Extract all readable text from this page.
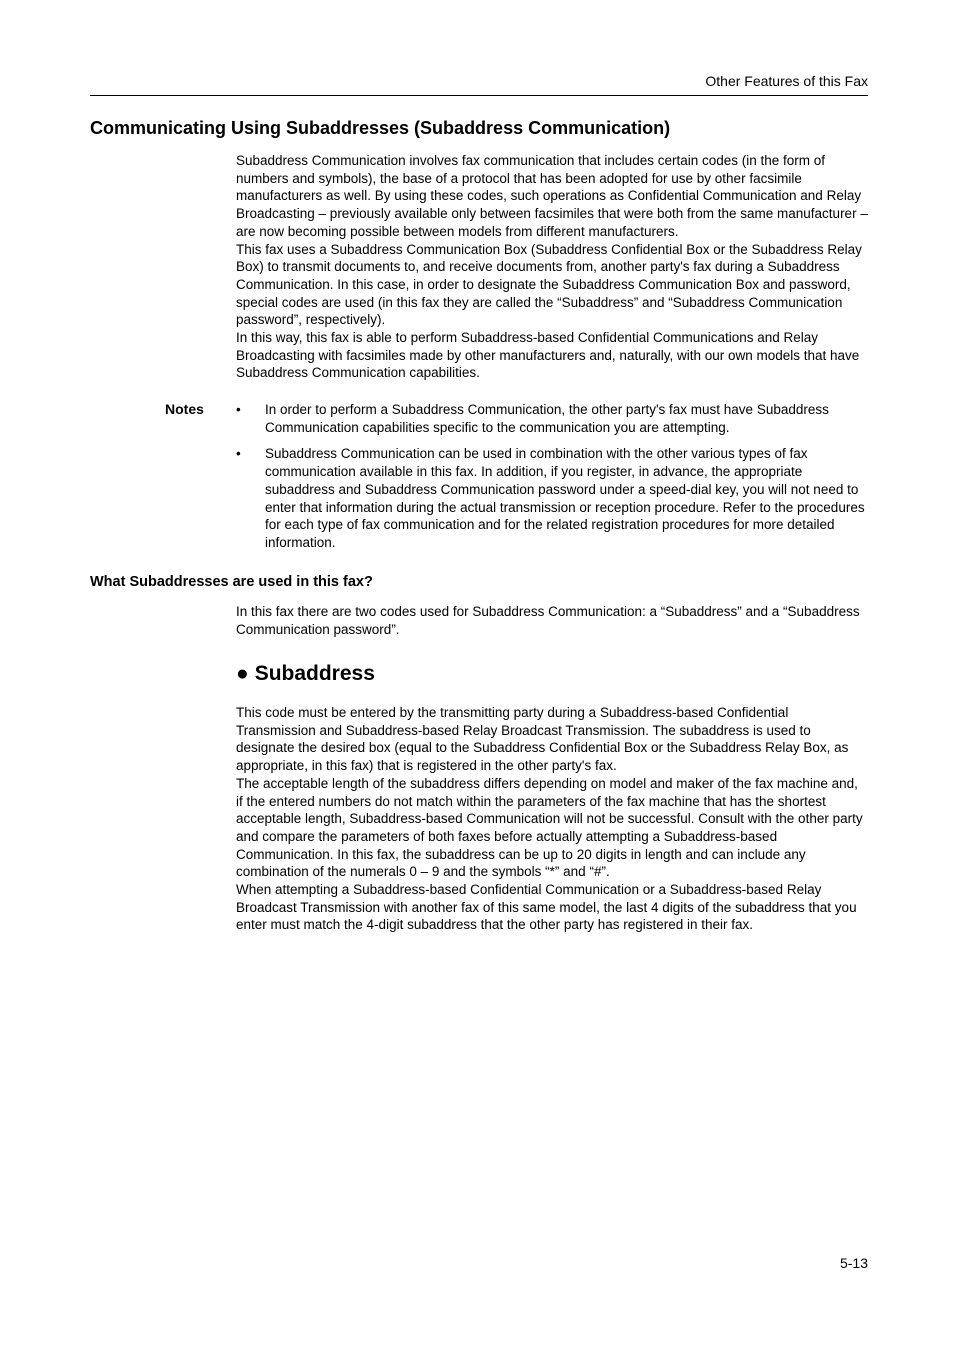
Other Features of this Fax
Communicating Using Subaddresses (Subaddress Communication)

Subaddress Communication involves fax communication that includes certain codes (in the form of numbers and symbols), the base of a protocol that has been adopted for use by other facsimile manufacturers as well. By using these codes, such operations as Confidential Communication and Relay Broadcasting – previously available only between facsimiles that were both from the same manufacturer – are now becoming possible between models from different manufacturers.

This fax uses a Subaddress Communication Box (Subaddress Confidential Box or the Subaddress Relay Box) to transmit documents to, and receive documents from, another party's fax during a Subaddress Communication. In this case, in order to designate the Subaddress Communication Box and password, special codes are used (in this fax they are called the “Subaddress” and “Subaddress Communication password”, respectively).

In this way, this fax is able to perform Subaddress-based Confidential Communications and Relay Broadcasting with facsimiles made by other manufacturers and, naturally, with our own models that have Subaddress Communication capabilities.

Notes • In order to perform a Subaddress Communication, the other party's fax must have Subaddress Communication capabilities specific to the communication you are attempting.
• Subaddress Communication can be used in combination with the other various types of fax communication available in this fax. In addition, if you register, in advance, the appropriate subaddress and Subaddress Communication password under a speed-dial key, you will not need to enter that information during the actual transmission or reception procedure. Refer to the procedures for each type of fax communication and for the related registration procedures for more detailed information.
What Subaddresses are used in this fax?

In this fax there are two codes used for Subaddress Communication: a “Subaddress” and a “Subaddress Communication password”.

● Subaddress

This code must be entered by the transmitting party during a Subaddress-based Confidential Transmission and Subaddress-based Relay Broadcast Transmission. The subaddress is used to designate the desired box (equal to the Subaddress Confidential Box or the Subaddress Relay Box, as appropriate, in this fax) that is registered in the other party's fax.

The acceptable length of the subaddress differs depending on model and maker of the fax machine and, if the entered numbers do not match within the parameters of the fax machine that has the shortest acceptable length, Subaddress-based Communication will not be successful. Consult with the other party and compare the parameters of both faxes before actually attempting a Subaddress-based Communication. In this fax, the subaddress can be up to 20 digits in length and can include any combination of the numerals 0 – 9 and the symbols “*” and “#”.

When attempting a Subaddress-based Confidential Communication or a Subaddress-based Relay Broadcast Transmission with another fax of this same model, the last 4 digits of the subaddress that you enter must match the 4-digit subaddress that the other party has registered in their fax.

5-13
